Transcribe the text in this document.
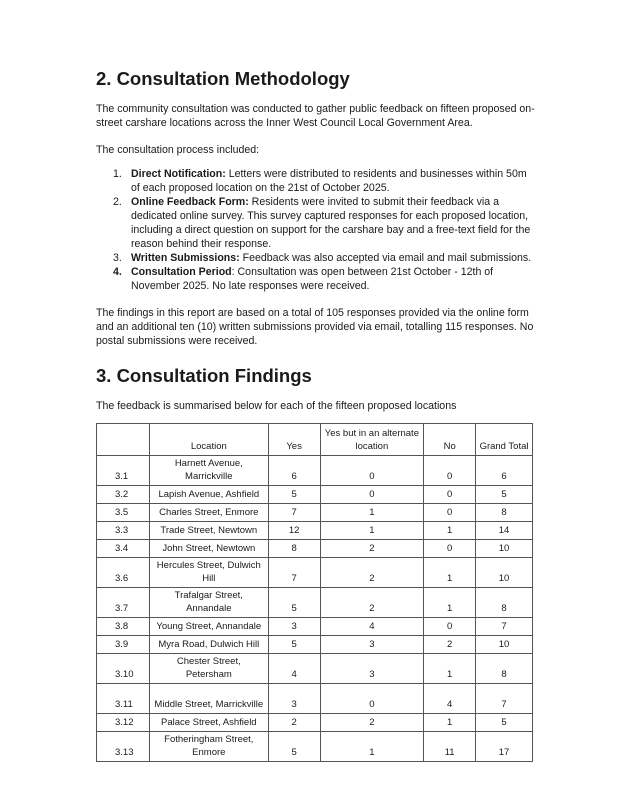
2. Consultation Methodology

The community consultation was conducted to gather public feedback on fifteen proposed on-street carshare locations across the Inner West Council Local Government Area.

The consultation process included:

1. Direct Notification: Letters were distributed to residents and businesses within 50m of each proposed location on the 21st of October 2025.
2. Online Feedback Form: Residents were invited to submit their feedback via a dedicated online survey. This survey captured responses for each proposed location, including a direct question on support for the carshare bay and a free-text field for the reason behind their response.
3. Written Submissions: Feedback was also accepted via email and mail submissions.
4. Consultation Period: Consultation was open between 21st October - 12th of November 2025. No late responses were received.

The findings in this report are based on a total of 105 responses provided via the online form and an additional ten (10) written submissions provided via email, totalling 115 responses. No postal submissions were received.

3. Consultation Findings

The feedback is summarised below for each of the fifteen proposed locations

	Location	Yes	Yes but in an alternate location	No	Grand Total
3.1	Harnett Avenue, Marrickville	6	0	0	6
3.2	Lapish Avenue, Ashfield	5	0	0	5
3.5	Charles Street, Enmore	7	1	0	8
3.3	Trade Street, Newtown	12	1	1	14
3.4	John Street, Newtown	8	2	0	10
3.6	Hercules Street, Dulwich Hill	7	2	1	10
3.7	Trafalgar Street, Annandale	5	2	1	8
3.8	Young Street, Annandale	3	4	0	7
3.9	Myra Road, Dulwich Hill	5	3	2	10
3.10	Chester Street, Petersham	4	3	1	8
3.11	Middle Street, Marrickville	3	0	4	7
3.12	Palace Street, Ashfield	2	2	1	5
3.13	Fotheringham Street, Enmore	5	1	11	17
